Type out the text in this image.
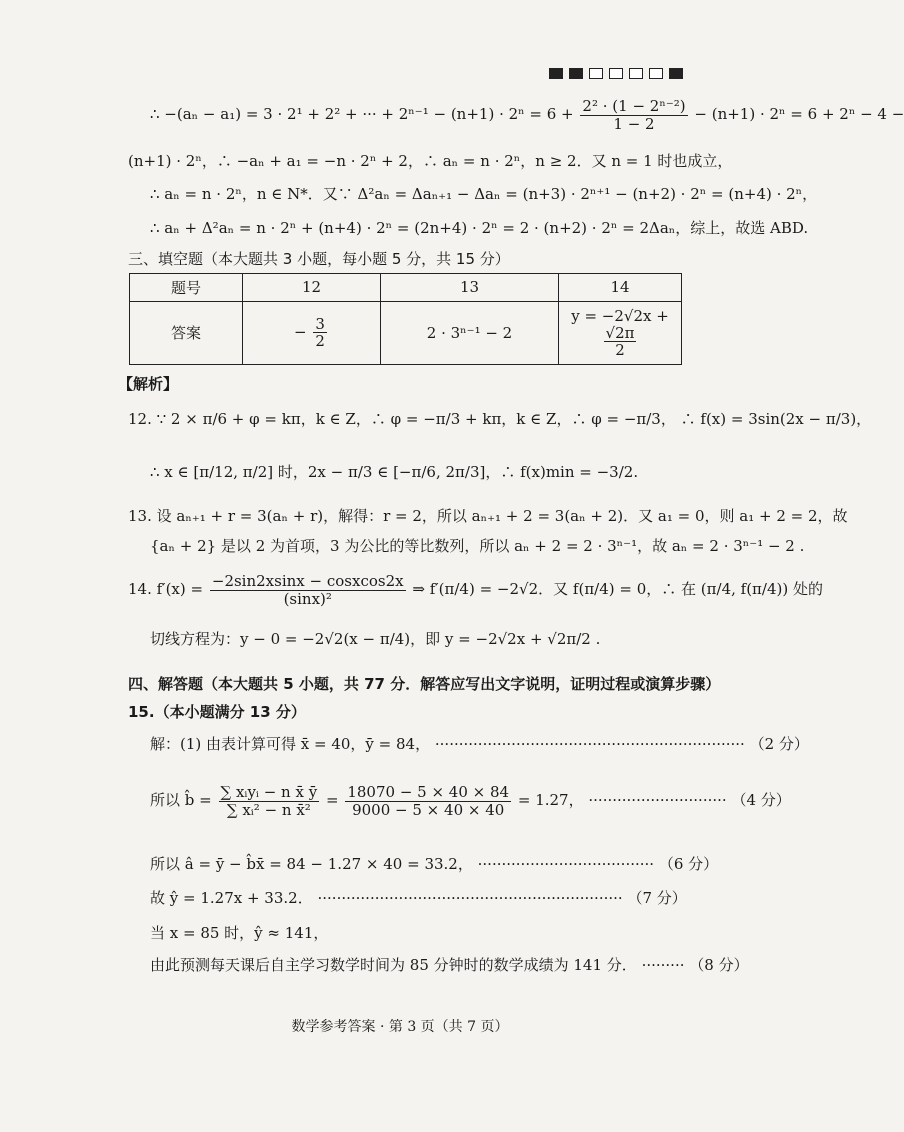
∴ −(aₙ − a₁) = 3 · 2¹ + 2² + ··· + $2^{n-1} - (n+1) \cdot 2^n = 6 + \frac{\text{2² · (1 − 2ⁿ⁻²)}}{1 - 2} - (n+1) \cdot 2^n = 6 + 2^n - 4$ −
(n+1) · 2ⁿ，∴ −aₙ + a₁ = −n · 2ⁿ + 2，∴ aₙ = n · 2ⁿ，n ≥ 2．又 n = 1 时也成立，
∴ aₙ = n · 2ⁿ，n ∈ N*．又∵ Δ²aₙ = Δaₙ₊₁ − Δaₙ = (n+3) · 2ⁿ⁺¹ − (n+2) · 2ⁿ = (n+4) · 2ⁿ，
∴ aₙ + Δ²aₙ = n · 2ⁿ + (n+4) · 2ⁿ = (2n+4) · 2ⁿ = 2 · (n+2) · 2ⁿ = 2Δaₙ，综上，故选 ABD.
三、填空题（本大题共 3 小题，每小题 5 分，共 15 分）
题号	12	13	14
答案	− $\frac{3}{2}$	2 · 3ⁿ⁻¹ − 2	y = −2√2x +
$\frac{√2\pi}{2}$
【解析】
12. ∵ 2 × π/6 + φ = kπ，k ∈ Z，∴ φ = −π/3 + kπ，k ∈ Z，∴ φ = −π/3， ∴ f(x) = 3sin(2x − π/3)，
∴ x ∈ [π/12, π/2] 时，2x − π/3 ∈ [−π/6, 2π/3]，∴ f(x)min = −3/2.
13. 设 aₙ₊₁ + r = 3(aₙ + r)，解得：r = 2，所以 aₙ₊₁ + 2 = 3(aₙ + 2)．又 a₁ = 0，则 a₁ + 2 = 2，故
{aₙ + 2} 是以 2 为首项，3 为公比的等比数列，所以 aₙ + 2 = 2 · 3ⁿ⁻¹，故 aₙ = 2 · 3ⁿ⁻¹ − 2 .
14. $f'(x) = \frac{\text{−2sin2xsinx − cosxcos2x}}{\text{(sinx)²}}$ ⇒ f′(π/4) = −2√2．又 f(π/4) = 0，∴ 在 (π/4, f(π/4)) 处的
切线方程为：y − 0 = −2√2(x − π/4)，即 y = −2√2x + √2π/2 .
四、解答题（本大题共 5 小题，共 77 分．解答应写出文字说明，证明过程或演算步骤）
15.（本小题满分 13 分）
解：(1) 由表计算可得 x̄ = 40，ȳ = 84， ································································· （2 分）
所以 b̂ = $\frac{\text{∑ xᵢyᵢ − n x̄ ȳ}}{\text{∑ xᵢ² − n x̄²}} = \frac{18070 - 5 \times 40 \times 84}{9000 - 5 \times 40 \times 40} = 1.27$， ····························· （4 分）
所以 â = ȳ − b̂x̄ = 84 − 1.27 × 40 = 33.2， ····································· （6 分）
故 ŷ = 1.27x + 33.2． ································································ （7 分）
当 x = 85 时，ŷ ≈ 141，
由此预测每天课后自主学习数学时间为 85 分钟时的数学成绩为 141 分． ········· （8 分）
数学参考答案 · 第 3 页（共 7 页）
